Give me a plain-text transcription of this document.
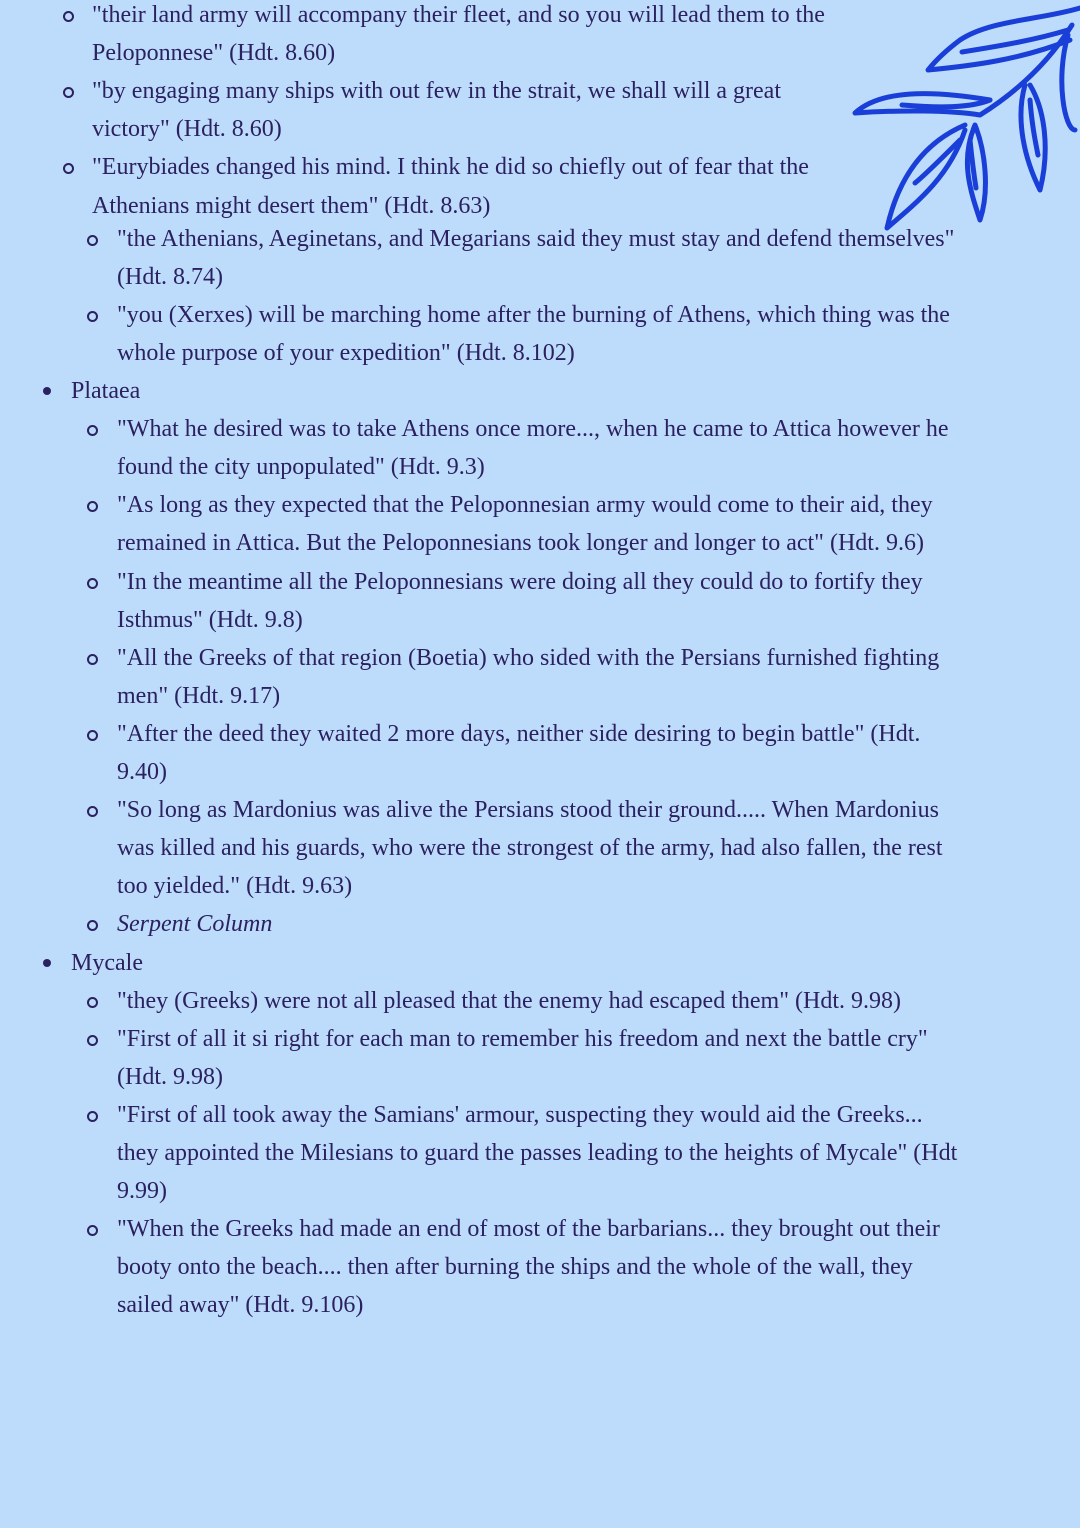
"their land army will accompany their fleet, and so you will lead them to the
Peloponnese" (Hdt. 8.60)
"by engaging many ships with out few in the strait, we shall will a great
victory" (Hdt. 8.60)
"Eurybiades changed his mind. I think he did so chiefly out of fear that the
Athenians might desert them" (Hdt. 8.63)
"the Athenians, Aeginetans, and Megarians said they must stay and defend themselves"
(Hdt. 8.74)
"you (Xerxes) will be marching home after the burning of Athens, which thing was the
whole purpose of your expedition" (Hdt. 8.102)
Plataea
"What he desired was to take Athens once more..., when he came to Attica however he
found the city unpopulated" (Hdt. 9.3)
"As long as they expected that the Peloponnesian army would come to their aid, they
remained in Attica. But the Peloponnesians took longer and longer to act" (Hdt. 9.6)
"In the meantime all the Peloponnesians were doing all they could do to fortify they
Isthmus" (Hdt. 9.8)
"All the Greeks of that region (Boetia) who sided with the Persians furnished fighting
men" (Hdt. 9.17)
"After the deed they waited 2 more days, neither side desiring to begin battle" (Hdt.
9.40)
"So long as Mardonius was alive the Persians stood their ground..... When Mardonius
was killed and his guards, who were the strongest of the army, had also fallen, the rest
too yielded." (Hdt. 9.63)
Serpent Column
Mycale
"they (Greeks) were not all pleased that the enemy had escaped them" (Hdt. 9.98)
"First of all it si right for each man to remember his freedom and next the battle cry"
(Hdt. 9.98)
"First of all took away the Samians' armour, suspecting they would aid the Greeks...
they appointed the Milesians to guard the passes leading to the heights of Mycale" (Hdt
9.99)
"When the Greeks had made an end of most of the barbarians... they brought out their
booty onto the beach.... then after burning the ships and the whole of the wall, they
sailed away" (Hdt. 9.106)
